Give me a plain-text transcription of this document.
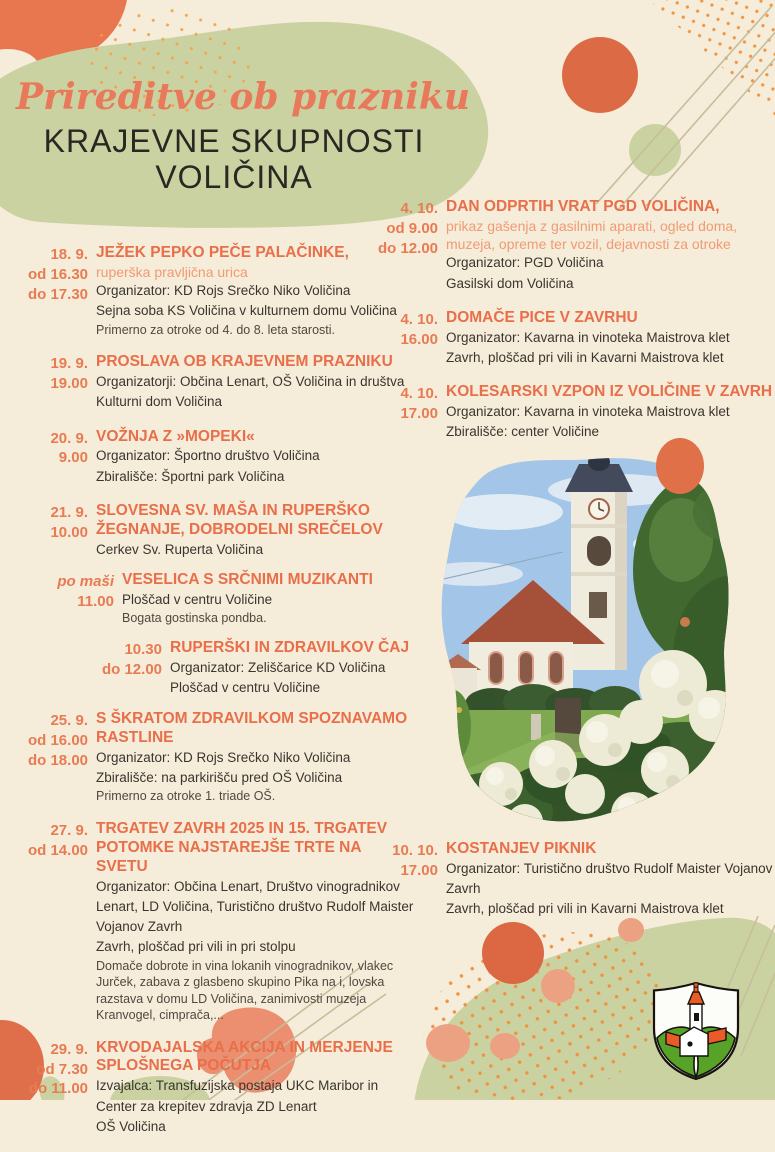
Prireditve ob prazniku
KRAJEVNE SKUPNOSTI
VOLIČINA
18. 9.
od 16.30
do 17.30
JEŽEK PEPKO PEČE PALAČINKE,
ruperška pravljična urica
Organizator: KD Rojs Srečko Niko Voličina
Sejna soba KS Voličina v kulturnem domu Voličina
Primerno za otroke od 4. do 8. leta starosti.
19. 9.
19.00
PROSLAVA OB KRAJEVNEM PRAZNIKU
Organizatorji: Občina Lenart, OŠ Voličina in društva
Kulturni dom Voličina
20. 9.
9.00
VOŽNJA Z »MOPEKI«
Organizator: Športno društvo Voličina
Zbirališče: Športni park Voličina
21. 9.
10.00
SLOVESNA SV. MAŠA IN RUPERŠKO ŽEGNANJE, DOBRODELNI SREČELOV
Cerkev Sv. Ruperta Voličina
po maši
11.00
VESELICA S SRČNIMI MUZIKANTI
Ploščad v centru Voličine
Bogata gostinska pondba.
10.30
do 12.00
RUPERŠKI IN ZDRAVILKOV ČAJ
Organizator: Zeliščarice KD Voličina
Ploščad v centru Voličine
25. 9.
od 16.00
do 18.00
S ŠKRATOM ZDRAVILKOM SPOZNAVAMO RASTLINE
Organizator: KD Rojs Srečko Niko Voličina
Zbirališče: na parkirišču pred OŠ Voličina
Primerno za otroke 1. triade OŠ.
27. 9.
od 14.00
TRGATEV ZAVRH 2025 IN 15. TRGATEV POTOMKE NAJSTAREJŠE TRTE NA SVETU
Organizator: Občina Lenart, Društvo vinogradnikov Lenart, LD Voličina, Turistično društvo Rudolf Maister Vojanov Zavrh
Zavrh, ploščad pri vili in pri stolpu
Domače dobrote in vina lokanih vinogradnikov, vlakec Jurček, zabava z glasbeno skupino Pika na i, lovska razstava v domu LD Voličina, zanimivosti muzeja Kranvogel, cimprača,...
29. 9.
od 7.30
do 11.00
KRVODAJALSKA AKCIJA IN MERJENJE SPLOŠNEGA POČUTJA
Izvajalca: Transfuzijska postaja UKC Maribor in Center za krepitev zdravja ZD Lenart
OŠ Voličina
4. 10.
od 9.00
do 12.00
DAN ODPRTIH VRAT PGD VOLIČINA,
prikaz gašenja z gasilnimi aparati, ogled doma, muzeja, opreme ter vozil, dejavnosti za otroke
Organizator: PGD Voličina
Gasilski dom Voličina
4. 10.
16.00
DOMAČE PICE V ZAVRHU
Organizator: Kavarna in vinoteka Maistrova klet
Zavrh, ploščad pri vili in Kavarni Maistrova klet
4. 10.
17.00
KOLESARSKI VZPON IZ VOLIČINE V ZAVRH
Organizator: Kavarna in vinoteka Maistrova klet
Zbirališče: center Voličine
10. 10.
17.00
KOSTANJEV PIKNIK
Organizator: Turistično društvo Rudolf Maister Vojanov Zavrh
Zavrh, ploščad pri vili in Kavarni Maistrova klet
